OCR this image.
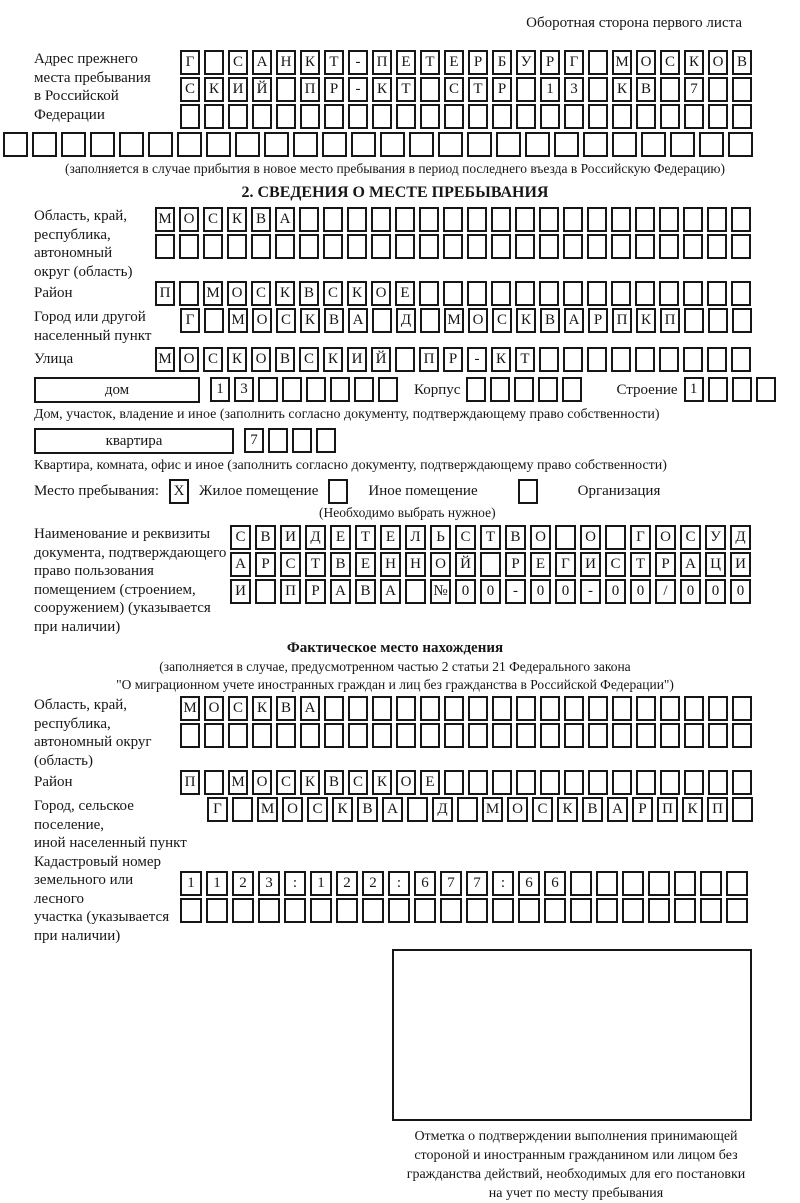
Оборотная сторона первого листа
Адрес прежнего
места пребывания
в Российской
Федерации
Г	С А Н К Т	-	П Е Т Е	Р	Б У Р	Г	М О С К О В
С К И Й	П Р	-	К Т	С Т	Р	1	3	К В	7
(заполняется в случае прибытия в новое место пребывания в период последнего въезда в Российскую Федерацию)
2. СВЕДЕНИЯ О МЕСТЕ ПРЕБЫВАНИЯ
Область, край,
республика,
автономный
округ (область)
М О С К В А
Район	П	М О С К В С К О Е
Город или другой
населенный пункт
Г	М О С К В А	Д	М О С К В А Р П К П
Улица	М О С К О В С К И Й	П Р	-	К Т
дом	1	3	Корпус	Строение 1
Дом, участок, владение и иное (заполнить согласно документу, подтверждающему право собственности)
квартира	7
Квартира, комната, офис и иное (заполнить согласно документу, подтверждающему право собственности)
Место пребывания: X Жилое помещение	Иное помещение	Организация
(Необходимо выбрать нужное)
Наименование и реквизиты
документа, подтверждающего
право пользования
помещением (строением,
сооружением) (указывается
при наличии)
С В И Д	Е	Т	Е	Л	Ь	С	Т	В О	О	Г	О С У Д
А	Р	С	Т	В	Е	Н Н О Й	Р	Е	Г	И С	Т	Р	А Ц И
И	П	Р	А В А	№ 0	0	-	0	0	-	0	0	/	0	0	0
Фактическое место нахождения
(заполняется в случае, предусмотренном частью 2 статьи 21 Федерального закона
"О миграционном учете иностранных граждан и лиц без гражданства в Российской Федерации")
Область, край,
республика,
автономный округ
(область)
М О С К В А
Район	П	М О С К В С К О Е
Город, сельское поселение,
иной населенный пункт
Г	М О С К В А	Д	М О С К В А	Р	П К П
Кадастровый номер
земельного или лесного
участка (указывается
при наличии)
1	1	2	3	:	1	2	2	:	6	7	7	:	6	6
Отметка о подтверждении выполнения принимающей
стороной и иностранным гражданином или лицом без
гражданства действий, необходимых для его постановки
на учет по месту пребывания
